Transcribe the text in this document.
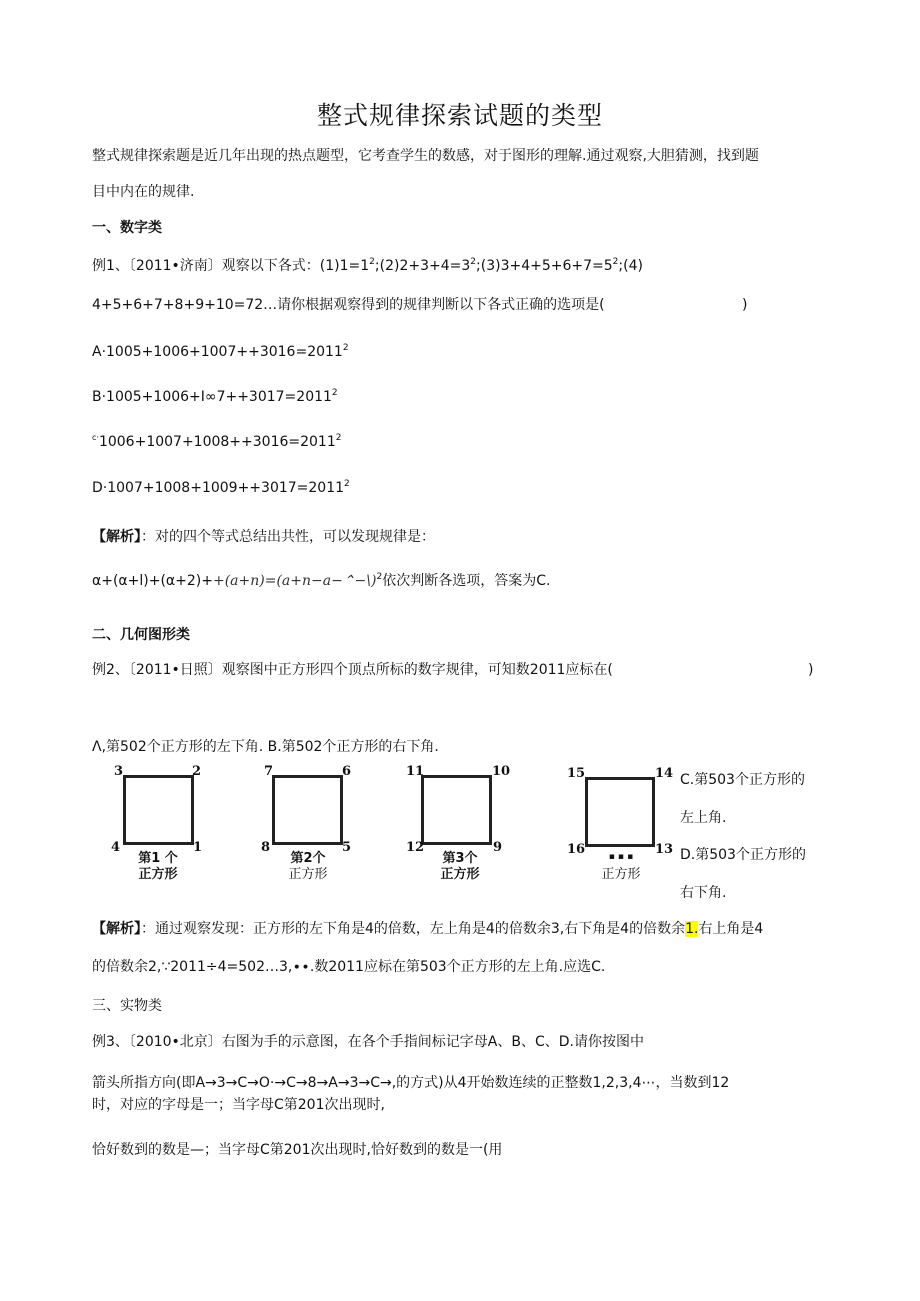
整式规律探索试题的类型
整式规律探索题是近几年出现的热点题型，它考查学生的数感，对于图形的理解.通过观察,大胆猜测，找到题
目中内在的规律.
一、数字类
例1、〔2011•济南〕观察以下各式：$(1)1=1^2;(2)2+3+4=3^2;(3)3+4+5+6+7=5^2;(4)$
4+5+6+7+8+9+10=72…请你根据观察得到的规律判断以下各式正确的选项是(	)
$A\cdot 1005+1006+1007++3016=2011^2$
$B\cdot 1005+1006+I\infty 7++3017=2011^2$
$^{c\cdot}1006+1007+1008++3016=2011^2$
$D\cdot 1007+1008+1009++3017=2011^2$
【解析】：对的四个等式总结出共性，可以发现规律是：
α+(α+l)+(α+2)++(a+n)=(a+n−a−⌃−\)$^2$依次判断各选项，答案为C.
二、几何图形类
例2、〔2011•日照〕观察图中正方形四个顶点所标的数字规律，可知数2011应标在(	)
Λ,第502个正方形的左下角. B.第502个正方形的右下角.
3	2
4	1
第1 个
正方形
7	6
8	5
第2个
正方形
11	10
12	9
第3个
正方形
15	14
16	13
▪ ▪ ▪
正方形
C.第503个正方形的
左上角.
D.第503个正方形的
右下角.
【解析】：通过观察发现：正方形的左下角是4的倍数，左上角是4的倍数余3,右下角是4的倍数余1.右上角是4
的倍数余2,∵2011÷4=502…3,∙∙.数2011应标在第503个正方形的左上角.应选C.
三、实物类
例3、〔2010•北京〕右图为手的示意图，在各个手指间标记字母A、B、C、D.请你按图中
箭头所指方向(即A→3→C→O·→C→8→A→3→C→,的方式)从4开始数连续的正整数1,2,3,4⋯，当数到12
时，对应的字母是一；当字母C第201次出现时,
恰好数到的数是—；当字母C第201次出现时,恰好数到的数是一(用
